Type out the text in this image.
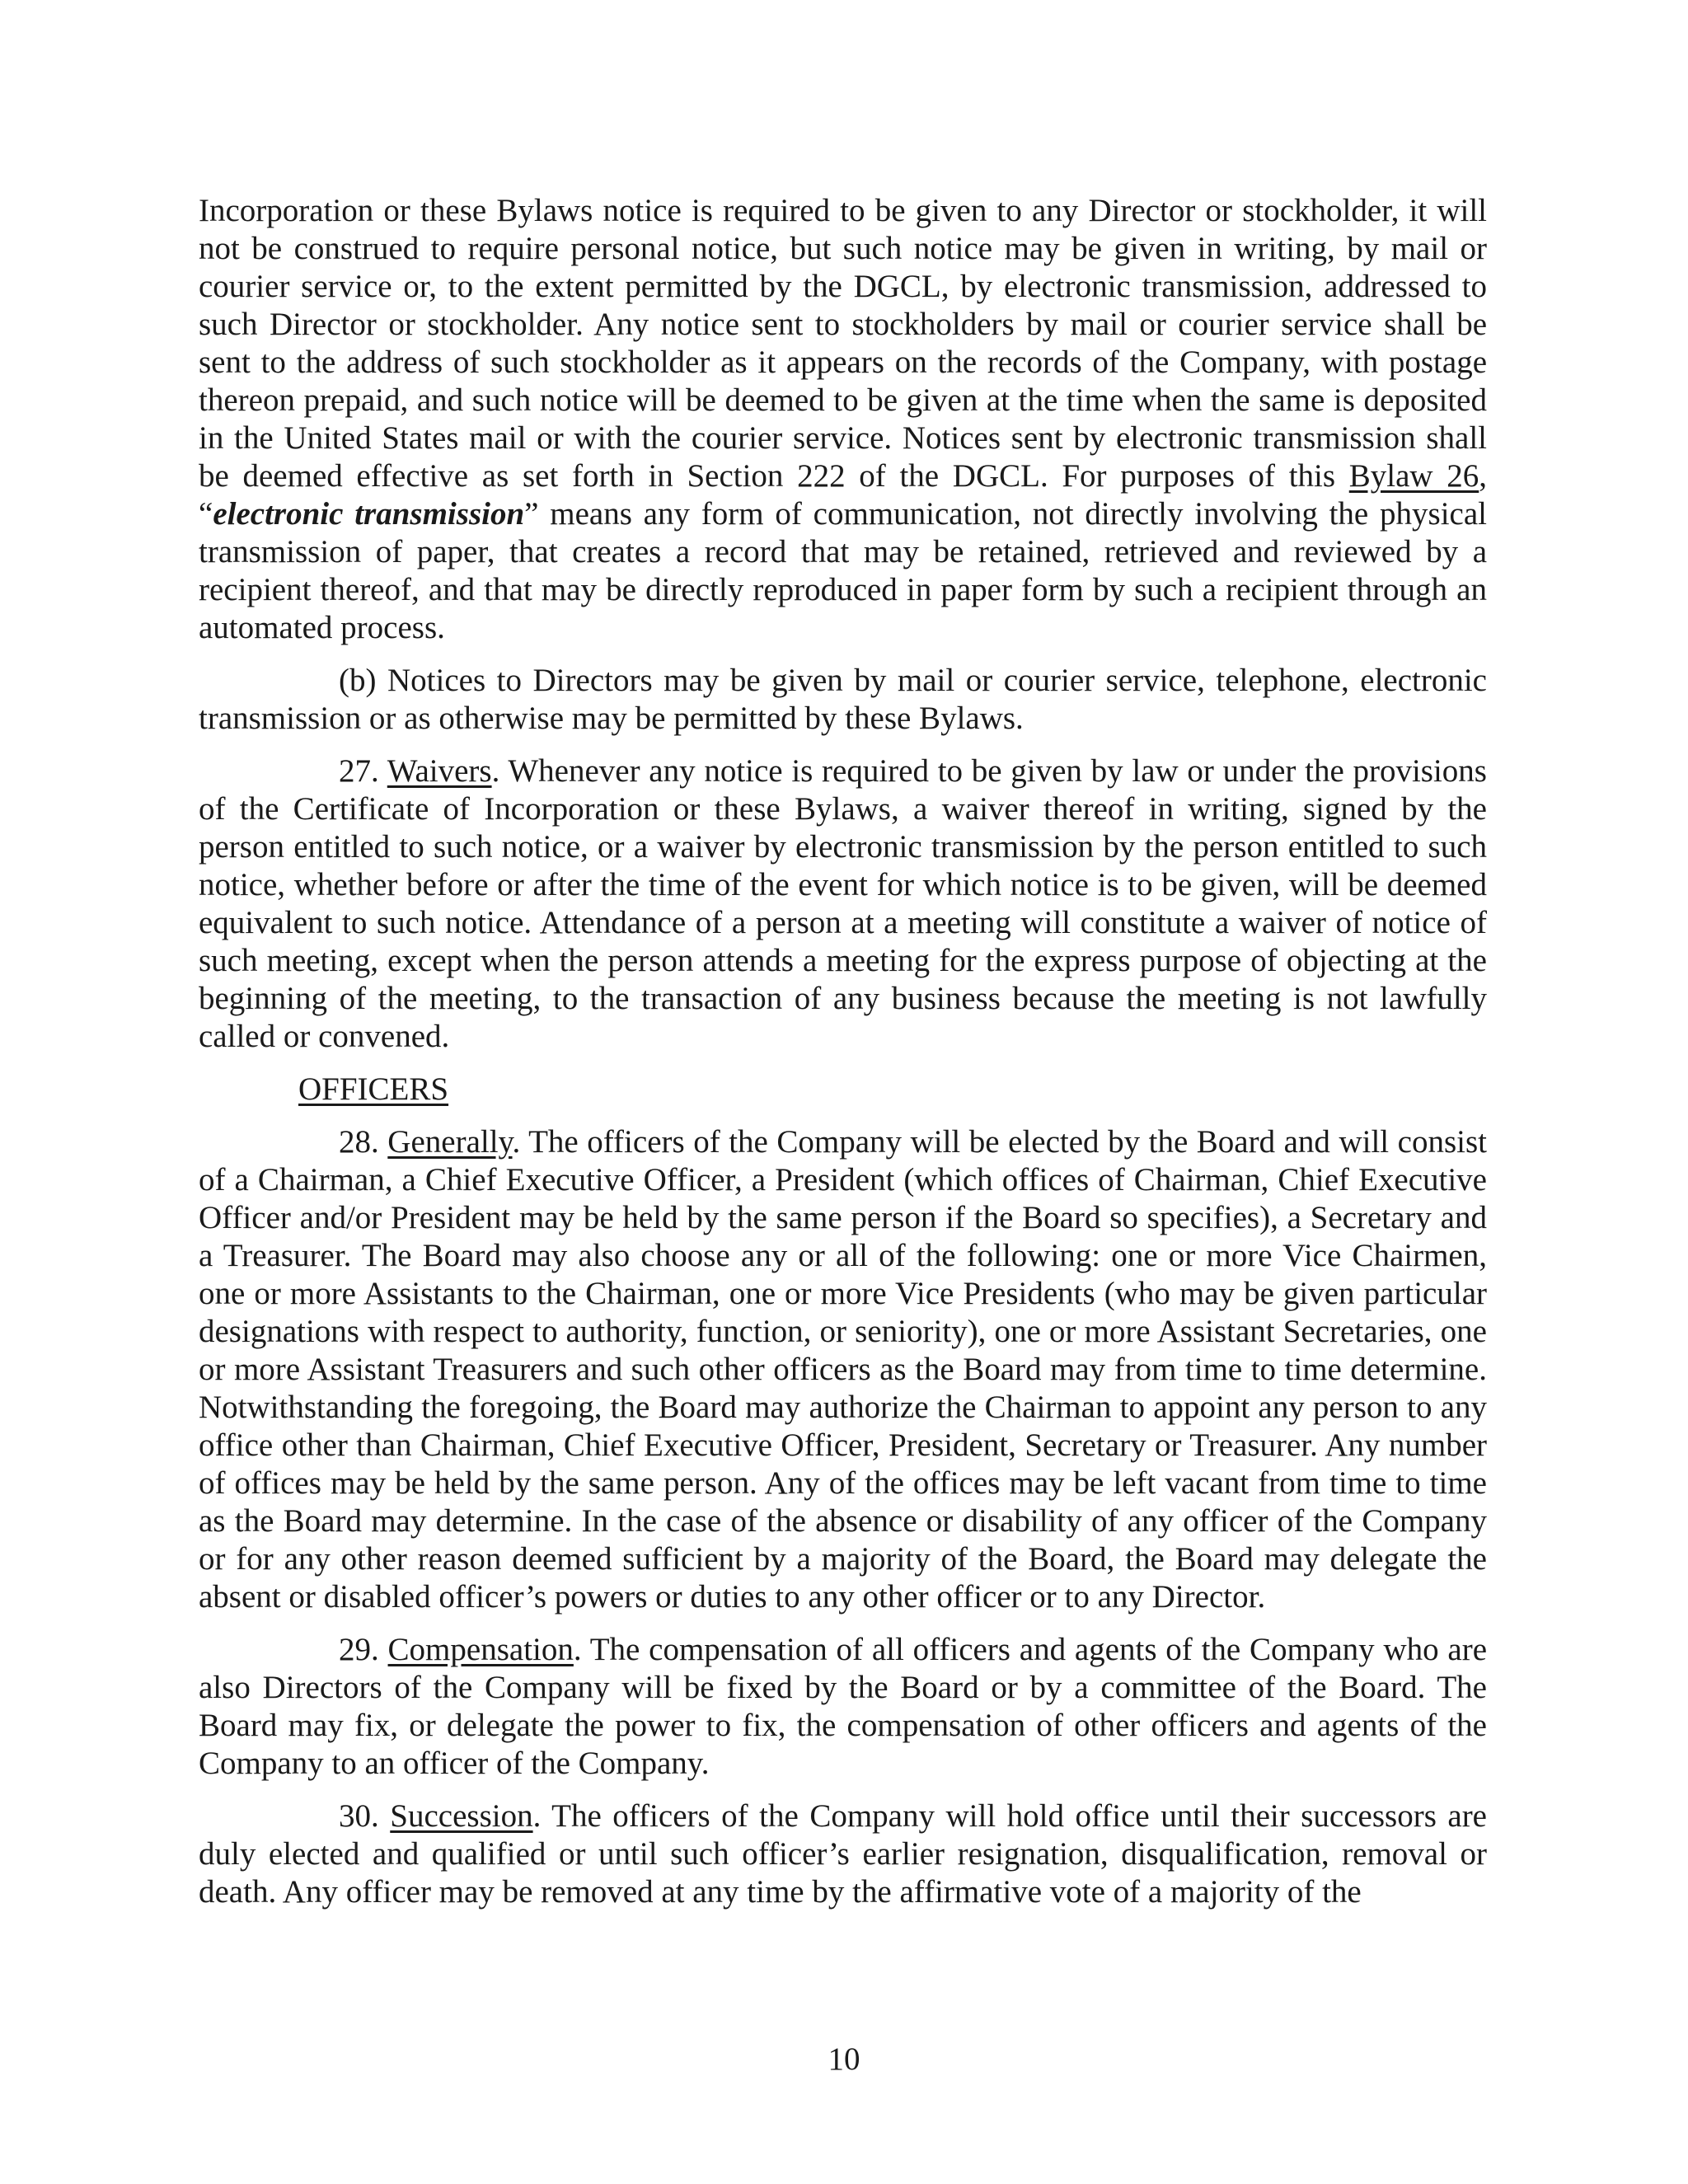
Incorporation or these Bylaws notice is required to be given to any Director or stockholder, it will not be construed to require personal notice, but such notice may be given in writing, by mail or courier service or, to the extent permitted by the DGCL, by electronic transmission, addressed to such Director or stockholder. Any notice sent to stockholders by mail or courier service shall be sent to the address of such stockholder as it appears on the records of the Company, with postage thereon prepaid, and such notice will be deemed to be given at the time when the same is deposited in the United States mail or with the courier service. Notices sent by electronic transmission shall be deemed effective as set forth in Section 222 of the DGCL. For purposes of this Bylaw 26, “electronic transmission” means any form of communication, not directly involving the physical transmission of paper, that creates a record that may be retained, retrieved and reviewed by a recipient thereof, and that may be directly reproduced in paper form by such a recipient through an automated process.

(b) Notices to Directors may be given by mail or courier service, telephone, electronic transmission or as otherwise may be permitted by these Bylaws.

27. Waivers. Whenever any notice is required to be given by law or under the provisions of the Certificate of Incorporation or these Bylaws, a waiver thereof in writing, signed by the person entitled to such notice, or a waiver by electronic transmission by the person entitled to such notice, whether before or after the time of the event for which notice is to be given, will be deemed equivalent to such notice. Attendance of a person at a meeting will constitute a waiver of notice of such meeting, except when the person attends a meeting for the express purpose of objecting at the beginning of the meeting, to the transaction of any business because the meeting is not lawfully called or convened.

OFFICERS

28. Generally. The officers of the Company will be elected by the Board and will consist of a Chairman, a Chief Executive Officer, a President (which offices of Chairman, Chief Executive Officer and/or President may be held by the same person if the Board so specifies), a Secretary and a Treasurer. The Board may also choose any or all of the following: one or more Vice Chairmen, one or more Assistants to the Chairman, one or more Vice Presidents (who may be given particular designations with respect to authority, function, or seniority), one or more Assistant Secretaries, one or more Assistant Treasurers and such other officers as the Board may from time to time determine. Notwithstanding the foregoing, the Board may authorize the Chairman to appoint any person to any office other than Chairman, Chief Executive Officer, President, Secretary or Treasurer. Any number of offices may be held by the same person. Any of the offices may be left vacant from time to time as the Board may determine. In the case of the absence or disability of any officer of the Company or for any other reason deemed sufficient by a majority of the Board, the Board may delegate the absent or disabled officer’s powers or duties to any other officer or to any Director.

29. Compensation. The compensation of all officers and agents of the Company who are also Directors of the Company will be fixed by the Board or by a committee of the Board. The Board may fix, or delegate the power to fix, the compensation of other officers and agents of the Company to an officer of the Company.

30. Succession. The officers of the Company will hold office until their successors are duly elected and qualified or until such officer’s earlier resignation, disqualification, removal or death. Any officer may be removed at any time by the affirmative vote of a majority of the

10
